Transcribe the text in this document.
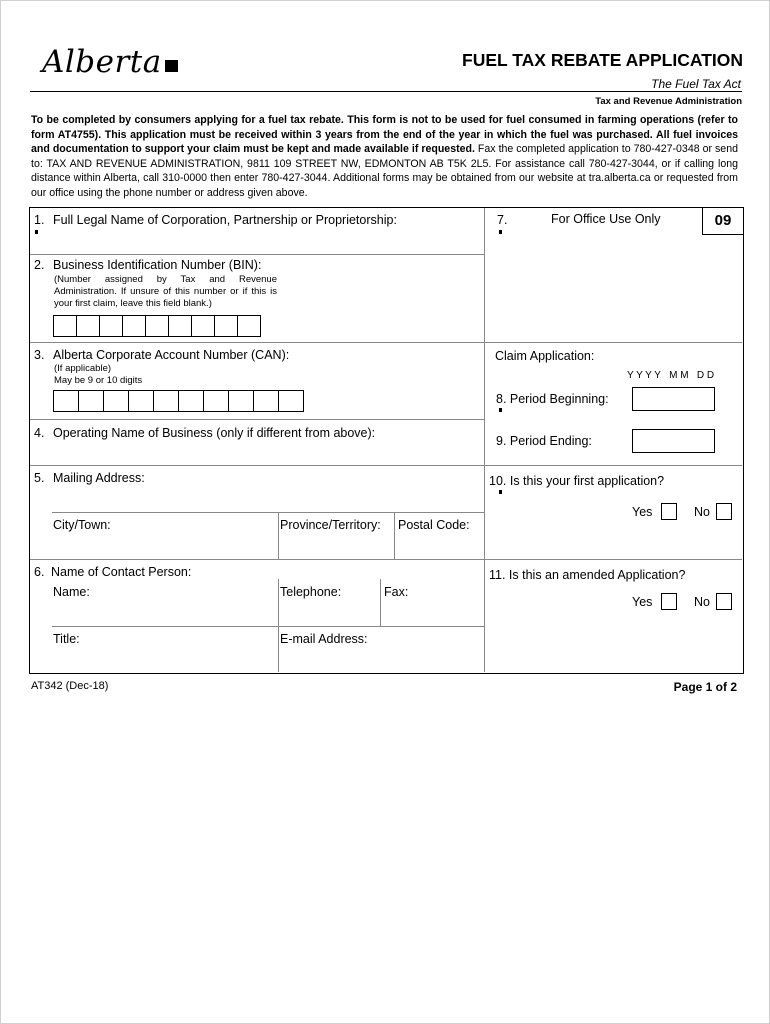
Alberta	FUEL TAX REBATE APPLICATION
The Fuel Tax Act
Tax and Revenue Administration
To be completed by consumers applying for a fuel tax rebate. This form is not to be used for fuel consumed in farming operations (refer to form AT4755). This application must be received within 3 years from the end of the year in which the fuel was purchased. All fuel invoices and documentation to support your claim must be kept and made available if requested. Fax the completed application to 780-427-0348 or send to: TAX AND REVENUE ADMINISTRATION, 9811 109 STREET NW, EDMONTON AB T5K 2L5. For assistance call 780-427-3044, or if calling long distance within Alberta, call 310-0000 then enter 780-427-3044. Additional forms may be obtained from our website at tra.alberta.ca or requested from our office using the phone number or address given above.
1. Full Legal Name of Corporation, Partnership or Proprietorship:
2. Business Identification Number (BIN):
(Number assigned by Tax and Revenue Administration. If unsure of this number or if this is your first claim, leave this field blank.)
3. Alberta Corporate Account Number (CAN):
(If applicable)
May be 9 or 10 digits
4. Operating Name of Business (only if different from above):
5. Mailing Address:
City/Town:	Province/Territory: Postal Code:
6. Name of Contact Person:
Name:	Telephone:	Fax:
Title:	E-mail Address:
7.	For Office Use Only	09
Claim Application:
Y Y Y Y   M M   D D
8. Period Beginning:
9. Period Ending:
10. Is this your first application?
Yes	No
11. Is this an amended Application?
Yes	No
AT342 (Dec-18)	Page 1 of 2
